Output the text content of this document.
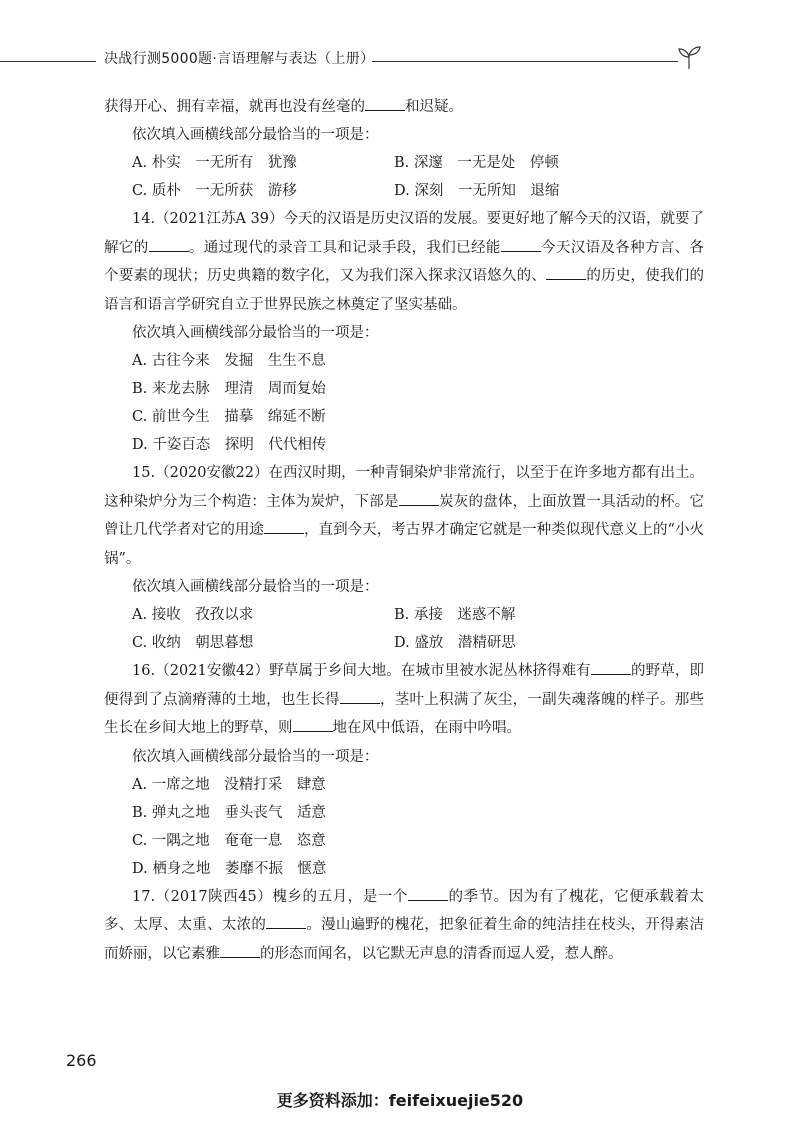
决战行测5000题·言语理解与表达（上册）

获得开心、拥有幸福，就再也没有丝毫的	和迟疑。

依次填入画横线部分最恰当的一项是：

A. 朴实　一无所有　犹豫	B. 深邃　一无是处　停顿
C. 质朴　一无所获　游移	D. 深刻　一无所知　退缩

14.（2021江苏A 39）今天的汉语是历史汉语的发展。要更好地了解今天的汉语，就要了解它的	。通过现代的录音工具和记录手段，我们已经能	今天汉语及各种方言、各个要素的现状；历史典籍的数字化，又为我们深入探求汉语悠久的、	的历史，使我们的语言和语言学研究自立于世界民族之林奠定了坚实基础。

依次填入画横线部分最恰当的一项是：

A. 古往今来　发掘　生生不息
B. 来龙去脉　理清　周而复始
C. 前世今生　描摹　绵延不断
D. 千姿百态　探明　代代相传

15.（2020安徽22）在西汉时期，一种青铜染炉非常流行，以至于在许多地方都有出土。这种染炉分为三个构造：主体为炭炉，下部是	炭灰的盘体，上面放置一具活动的杯。它曾让几代学者对它的用途	，直到今天，考古界才确定它就是一种类似现代意义上的“小火锅”。

依次填入画横线部分最恰当的一项是：

A. 接收　孜孜以求	B. 承接　迷惑不解
C. 收纳　朝思暮想	D. 盛放　潜精研思

16.（2021安徽42）野草属于乡间大地。在城市里被水泥丛林挤得难有	的野草，即便得到了点滴瘠薄的土地，也生长得	，茎叶上积满了灰尘，一副失魂落魄的样子。那些生长在乡间大地上的野草，则	地在风中低语，在雨中吟唱。

依次填入画横线部分最恰当的一项是：

A. 一席之地　没精打采　肆意
B. 弹丸之地　垂头丧气　适意
C. 一隅之地　奄奄一息　恣意
D. 栖身之地　萎靡不振　惬意

17.（2017陕西45）槐乡的五月，是一个	的季节。因为有了槐花，它便承载着太多、太厚、太重、太浓的	。漫山遍野的槐花，把象征着生命的纯洁挂在枝头，开得素洁而娇丽，以它素雅	的形态而闻名，以它默无声息的清香而逗人爱，惹人醉。

266
更多资料添加：feifeixuejie520
